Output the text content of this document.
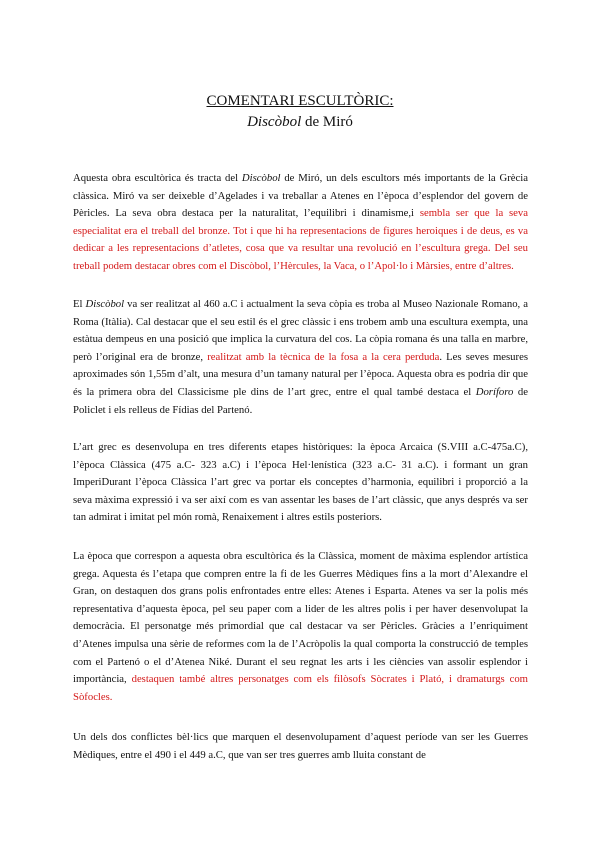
COMENTARI ESCULTÒRIC:
Discòbol de Miró

Aquesta obra escultòrica és tracta del Discòbol de Miró, un dels escultors més importants de la Grècia clàssica. Miró va ser deixeble d’Agelades i va treballar a Atenes en l’època d’esplendor del govern de Pèricles. La seva obra destaca per la naturalitat, l’equilibri i dinamisme,i sembla ser que la seva especialitat era el treball del bronze. Tot i que hi ha representacions de figures heroiques i de deus, es va dedicar a les representacions d’atletes, cosa que va resultar una revolució en l’escultura grega. Del seu treball podem destacar obres com el Discòbol, l’Hèrcules, la Vaca, o l’Apol·lo i Màrsies, entre d’altres.

El Discòbol va ser realitzat al 460 a.C i actualment la seva còpia es troba al Museo Nazionale Romano, a Roma (Itàlia). Cal destacar que el seu estil és el grec clàssic i ens trobem amb una escultura exempta, una estàtua dempeus en una posició que implica la curvatura del cos. La còpia romana és una talla en marbre, però l’original era de bronze, realitzat amb la tècnica de la fosa a la cera perduda. Les seves mesures aproximades són 1,55m d’alt, una mesura d’un tamany natural per l’època. Aquesta obra es podria dir que és la primera obra del Classicisme ple dins de l’art grec, entre el qual també destaca el Doríforo de Policlet i els relleus de Fídias del Partenó.

L’art grec es desenvolupa en tres diferents etapes històriques: la època Arcaica (S.VIII a.C-475a.C), l’època Clàssica (475 a.C- 323 a.C) i l’època Hel·lenística (323 a.C- 31 a.C). i formant un gran ImperiDurant l’època Clàssica l’art grec va portar els conceptes d’harmonia, equilibri i proporció a la seva màxima expressió i va ser així com es van assentar les bases de l’art clàssic, que anys després va ser tan admirat i imitat pel món romà, Renaixement i altres estils posteriors.

La època que correspon a aquesta obra escultòrica és la Clàssica, moment de màxima esplendor artística grega. Aquesta és l’etapa que compren entre la fi de les Guerres Mèdiques fins a la mort d’Alexandre el Gran, on destaquen dos grans polis enfrontades entre elles: Atenes i Esparta. Atenes va ser la polis més representativa d’aquesta època, pel seu paper com a lider de les altres polis i per haver desenvolupat la democràcia. El personatge més primordial que cal destacar va ser Pèricles. Gràcies a l’enriquiment d’Atenes impulsa una sèrie de reformes com la de l’Acròpolis la qual comporta la construcció de temples com el Partenó o el d’Atenea Niké. Durant el seu regnat les arts i les ciències van assolir esplendor i importància, destaquen també altres personatges com els filòsofs Sòcrates i Plató, i dramaturgs com Sòfocles.

Un dels dos conflictes bèl·lics que marquen el desenvolupament d’aquest període van ser les Guerres Mèdiques, entre el 490 i el 449 a.C, que van ser tres guerres amb lluita constant de
